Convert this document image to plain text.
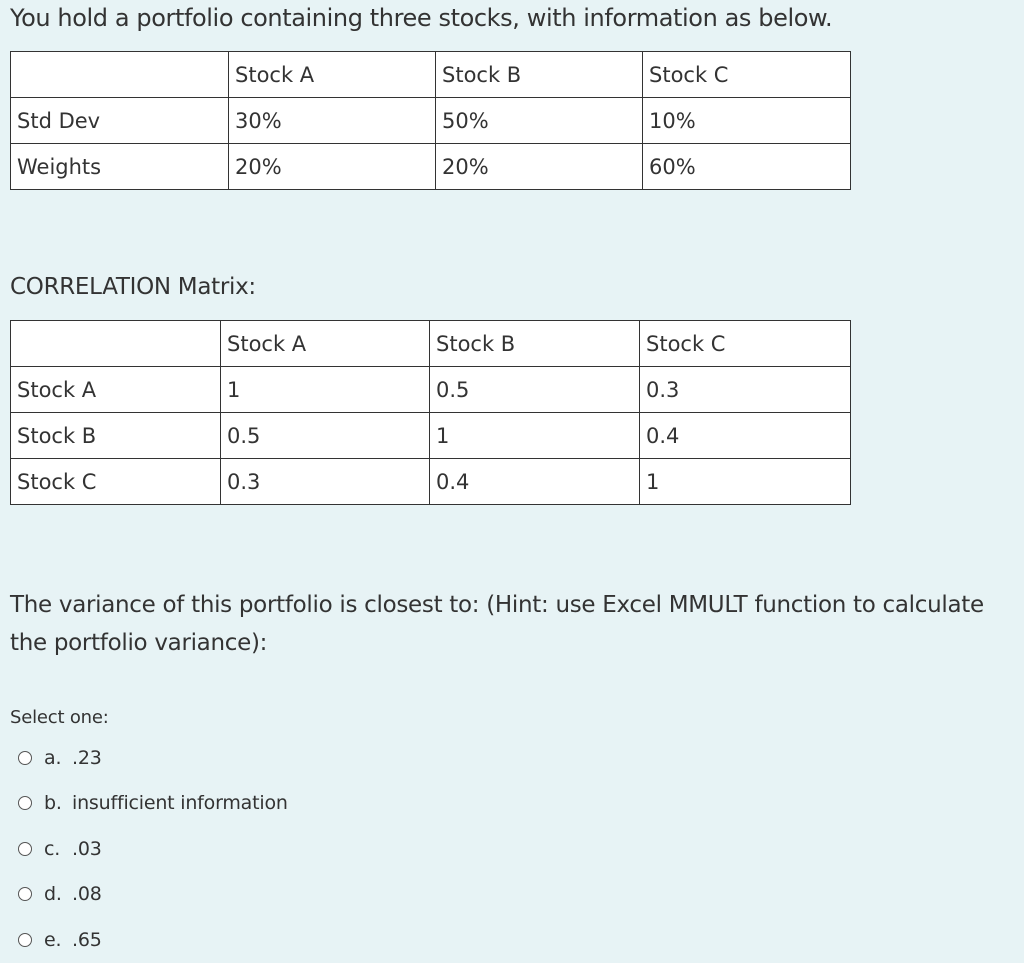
You hold a portfolio containing three stocks, with information as below.

	Stock A	Stock B	Stock C
Std Dev	30%	50%	10%
Weights	20%	20%	60%

CORRELATION Matrix:

	Stock A	Stock B	Stock C
Stock A	1	0.5	0.3
Stock B	0.5	1	0.4
Stock C	0.3	0.4	1

The variance of this portfolio is closest to: (Hint: use Excel MMULT function to calculate the portfolio variance):

Select one:

a. .23
b. insufficient information
c. .03
d. .08
e. .65
